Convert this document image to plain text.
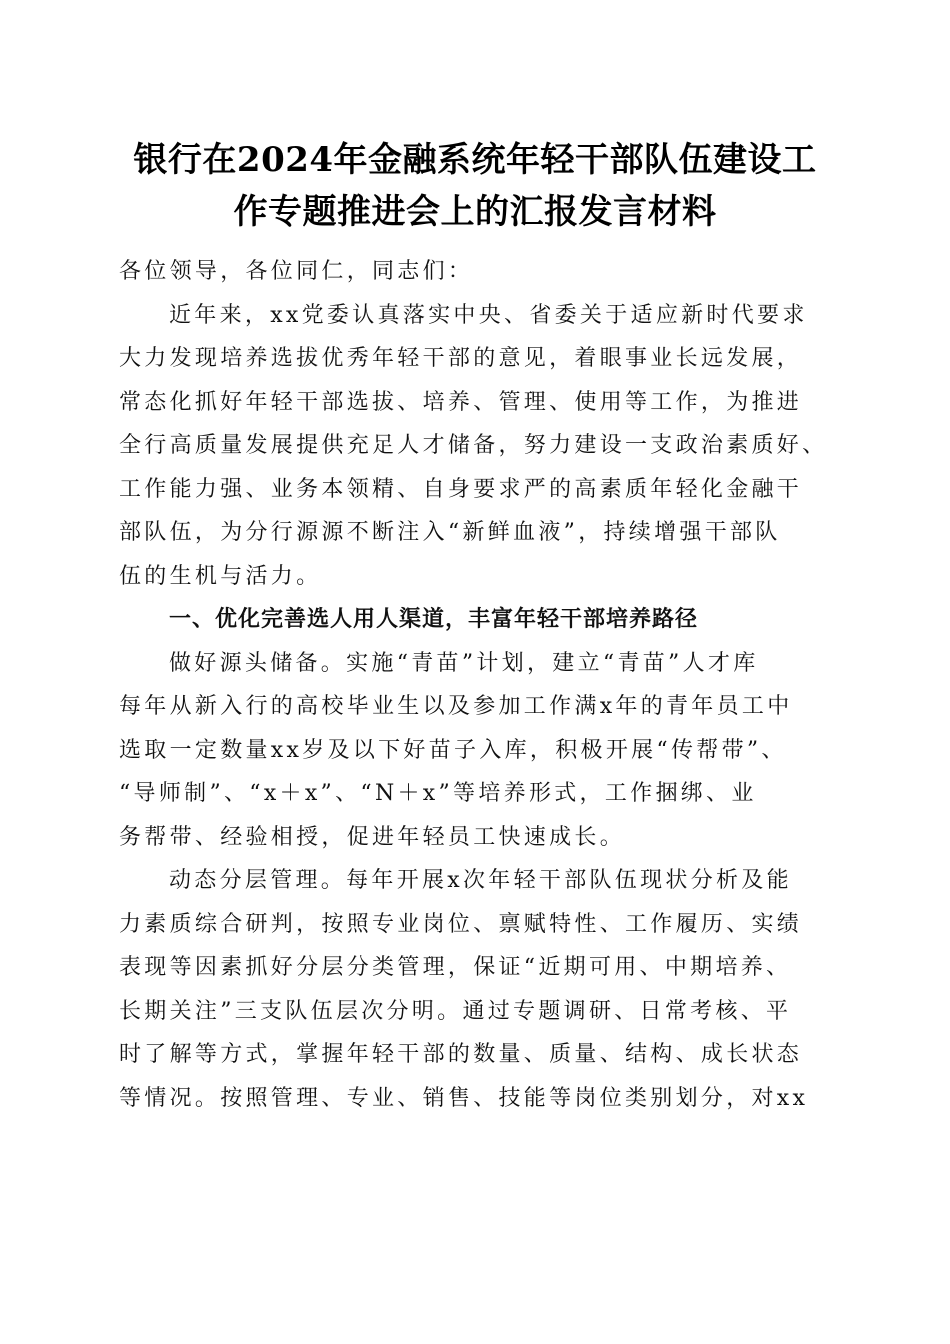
银行在2024年金融系统年轻干部队伍建设工
作专题推进会上的汇报发言材料
各位领导，各位同仁，同志们：
近年来，xx党委认真落实中央、省委关于适应新时代要求
大力发现培养选拔优秀年轻干部的意见，着眼事业长远发展，
常态化抓好年轻干部选拔、培养、管理、使用等工作，为推进
全行高质量发展提供充足人才储备，努力建设一支政治素质好、
工作能力强、业务本领精、自身要求严的高素质年轻化金融干
部队伍，为分行源源不断注入“新鲜血液”，持续增强干部队
伍的生机与活力。
一、优化完善选人用人渠道，丰富年轻干部培养路径
做好源头储备。实施“青苗”计划，建立“青苗”人才库
每年从新入行的高校毕业生以及参加工作满x年的青年员工中
选取一定数量xx岁及以下好苗子入库，积极开展“传帮带”、
“导师制”、“x＋x”、“N＋x”等培养形式，工作捆绑、业
务帮带、经验相授，促进年轻员工快速成长。
动态分层管理。每年开展x次年轻干部队伍现状分析及能
力素质综合研判，按照专业岗位、禀赋特性、工作履历、实绩
表现等因素抓好分层分类管理，保证“近期可用、中期培养、
长期关注”三支队伍层次分明。通过专题调研、日常考核、平
时了解等方式，掌握年轻干部的数量、质量、结构、成长状态
等情况。按照管理、专业、销售、技能等岗位类别划分，对xx
